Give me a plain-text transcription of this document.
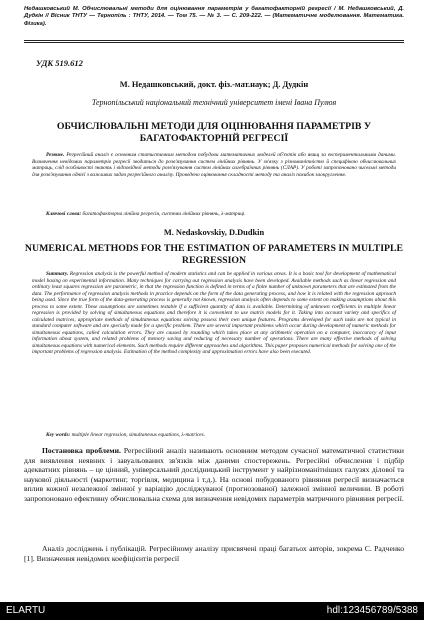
Недашковський М. Обчислювальні методи для оцінювання параметрів у багатофакторній регресії / М. Недашковський, Д. Дудкін // Вісник ТНТУ — Тернопіль : ТНТУ, 2014. — Том 75. — № 3. — С. 209-222. — (Математичне моделювання. Математика. Фізика).
УДК 519.612
М. Недашковський, докт. фіз.-мат.наук; Д. Дудкін
Тернопільський національний технічний університет імені Івана Пулюя
ОБЧИСЛЮВАЛЬНІ МЕТОДИ ДЛЯ ОЦІНЮВАННЯ ПАРАМЕТРІВ У БАГАТОФАКТОРНІЙ РЕГРЕСІЇ
Резюме. Регресійний аналіз є основним статистичним методом побудови математичних моделей об'єктів або явищ за експериментальними даними. Визначення невідомих параметрів регресії зводиться до розв'язування систем лінійних рівнянь. У зв'язку з різноманітністю й специфікою обчислювальних матриць, слід особливості знають і відповідної методи розв'язування систем лінійних алгебраїчних рівнянь (СЛАР). У роботі запропоновано чисельні методи для розв'язування однієї з важливих задач регресійного аналізу. Проведено оцінювання складності методу та аналіз похибок заокруглення.
Ключові слова: багатофакторна лінійна регресія, системи лінійних рівнянь, λ-матриці.
M. Nedaskovskiy, D.Dudkin
NUMERICAL METHODS FOR THE ESTIMATION OF PARAMETERS IN MULTIPLE REGRESSION
Summary. Regression analysis is the powerful method of modern statistics and can be applied in various areas. It is a basic tool for development of mathematical model basing on experimental information. Many techniques for carrying out regression analysis have been developed. Available methods such as linear regression and ordinary least squares regression are parametric, in that the regression function is defined in terms of a finite number of unknown parameters that are estimated from the data. The performance of regression analysis methods in practice depends on the form of the data generating process, and how it is related with the regression approach being used. Since the true form of the data-generating process is generally not known, regression analysis often depends to some extent on making assumptions about this process to some extent. These assumptions are sometimes testable if a sufficient quantity of data is available. Determining of unknown coefficients in multiple linear regression is provided by solving of simultaneous equations and therefore it is convenient to use matrix models for it. Taking into account variety and specifics of calculated matrices, appropriate methods of simultaneous equations solving possess their own unique features. Programs developed for such tasks are not typical in standard computer software and are specially made for a specific problem. There are several important problems which occur during development of numeric methods for simultaneous equations, called calculation errors. They are caused by rounding which takes place at any arithmetic operation on a computer, inaccuracy of input information about system, and related problems of memory saving and reducing of necessary number of operations. There are many effective methods of solving simultaneous equations with numerical elements. Such methods require different approaches and algorithms. This paper proposes numerical methods for solving one of the important problems of regression analysis. Estimation of the method complexity and approximation errors have also been executed.
Key words: multiple linear regression, simultaneous equations, λ-matrices.
Постановка проблеми. Регресійний аналіз називають основним методом сучасної математичної статистики для виявлення неявних і завуальованих зв'язків між даними спостережень. Регресійні обчислення і підбір адекватних рівнянь – це цінний, універсальний дослідницький інструмент у найрізноманітніших галузях ділової та наукової діяльності (маркетинг, торгівля, медицина і т.д.). На основі побудованого рівняння регресії визначається вплив кожної незалежної змінної у варіацію досліджуваної (прогнозованої) залежної змінної величини. В роботі запропоновано ефективну обчислювальна схема для визначення невідомих параметрів матричного рівняння регресії.
Аналіз досліджень і публікацій. Регресійному аналізу присвячені праці багатьох авторів, зокрема С. Радченко [1]. Визначення невідомих коефіцієнтів регресії
ELARTU	hdl:123456789/5388
